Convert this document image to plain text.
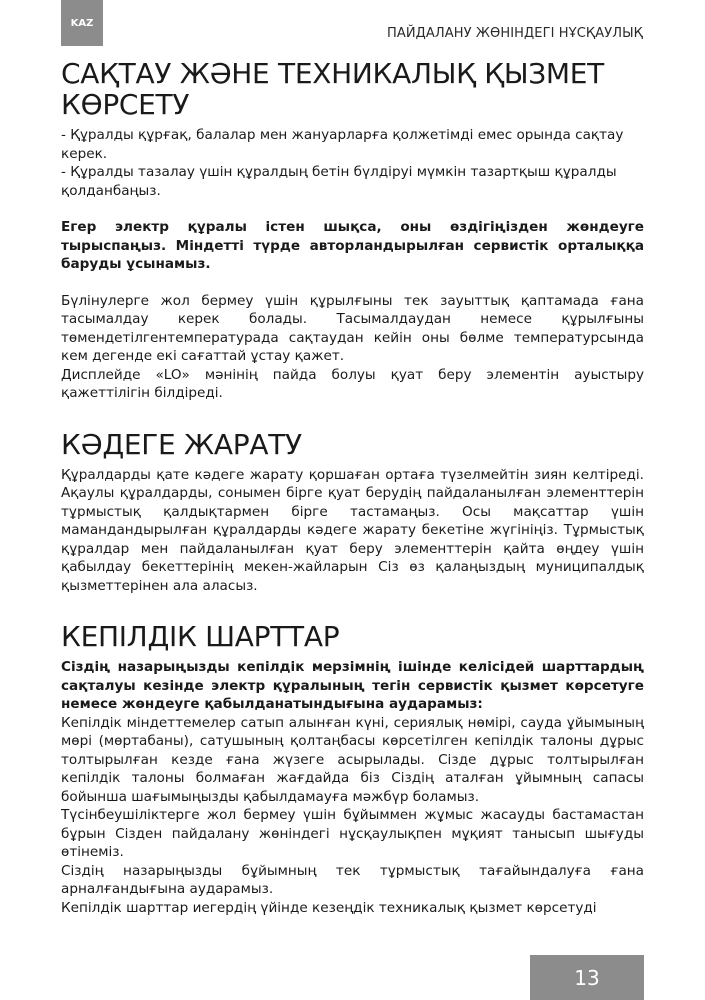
KAZ
ПАЙДАЛАНУ ЖӨНІНДЕГІ НҰСҚАУЛЫҚ
САҚТАУ ЖӘНЕ ТЕХНИКАЛЫҚ ҚЫЗМЕТ
КӨРСЕТУ

- Құралды құрғақ, балалар мен жануарларға қолжетімді емес орында сақтау керек.

- Құралды тазалау үшін құралдың бетін бүлдіруі мүмкін тазартқыш құралды қолданбаңыз.

Егер электр құралы істен шықса, оны өздігіңізден жөндеуге тырыспаңыз. Міндетті түрде авторландырылған сервистік орталыққа баруды ұсынамыз.

Бүлінулерге жол бермеу үшін құрылғыны тек зауыттық қаптамада ғана тасымалдау керек болады. Тасымалдаудан немесе құрылғыны төмендетілгентемпературада сақтаудан кейін оны бөлме температурсында кем дегенде екі сағаттай ұстау қажет.

Дисплейде «LO» мәнінің пайда болуы қуат беру элементін ауыстыру қажеттілігін білдіреді.

КӘДЕГЕ ЖАРАТУ

Құралдарды қате кәдеге жарату қоршаған ортаға түзелмейтін зиян келтіреді. Ақаулы құралдарды, сонымен бірге қуат берудің пайдаланылған элементтерін тұрмыстық қалдықтармен бірге тастамаңыз. Осы мақсаттар үшін мамандандырылған құралдарды кәдеге жарату бекетіне жүгініңіз. Тұрмыстық құралдар мен пайдаланылған қуат беру элементтерін қайта өңдеу үшін қабылдау бекеттерінің мекен-жайларын Сіз өз қалаңыздың муниципалдық қызметтерінен ала аласыз.

КЕПІЛДІК ШАРТТАР

Сіздің назарыңызды кепілдік мерзімнің ішінде келісідей шарттардың сақталуы кезінде электр құралының тегін сервистік қызмет көрсетуге немесе жөндеуге қабылданатындығына аударамыз:

Кепілдік міндеттемелер сатып алынған күні, сериялық нөмірі, сауда ұйымының мөрі (мөртабаны), сатушының қолтаңбасы көрсетілген кепілдік талоны дұрыс толтырылған кезде ғана жүзеге асырылады. Сізде дұрыс толтырылған кепілдік талоны болмаған жағдайда біз Сіздің аталған ұйымның сапасы бойынша шағымыңызды қабылдамауға мәжбүр боламыз.

Түсінбеушіліктерге жол бермеу үшін бұйыммен жұмыс жасауды бастамастан бұрын Сізден пайдалану жөніндегі нұсқаулықпен мұқият танысып шығуды өтінеміз.

Сіздің назарыңызды бұйымның тек тұрмыстық тағайындалуға ғана арналғандығына аударамыз.

Кепілдік шарттар иегердің үйінде кезеңдік техникалық қызмет көрсетуді

13
